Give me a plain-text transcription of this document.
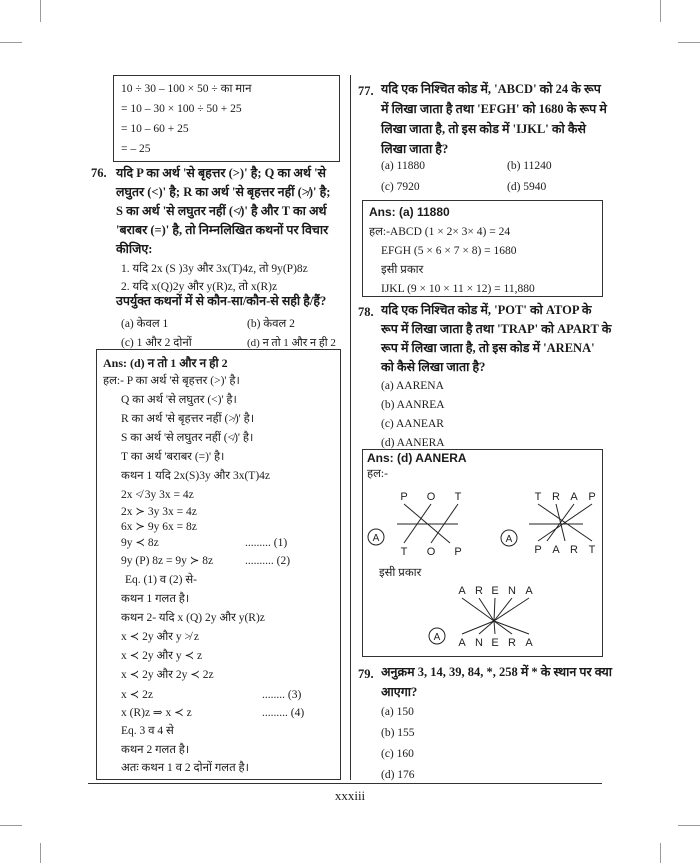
10 ÷ 30 – 100 × 50 ÷ का मान
= 10 – 30 × 100 ÷ 50 + 25
= 10 – 60 + 25
= – 25
76. यदि P का अर्थ 'से बृहत्तर (>)' है; Q का अर्थ 'से
लघुतर (<)' है; R का अर्थ 'से बृहत्तर नहीं (≯)' है;
S का अर्थ 'से लघुतर नहीं (≮)' है और T का अर्थ
'बराबर (=)' है, तो निम्नलिखित कथनों पर विचार
कीजिए:
1. यदि 2x (S )3y और 3x(T)4z, तो 9y(P)8z
2. यदि x(Q)2y और y(R)z, तो x(R)z
उपर्युक्त कथनों में से कौन-सा/कौन-से सही है/हैं?
(a) केवल 1	(b) केवल 2
(c) 1 और 2 दोनों	(d) न तो 1 और न ही 2
Ans: (d) न तो 1 और न ही 2
हल:- P का अर्थ 'से बृहत्तर (>)' है।
Q का अर्थ 'से लघुतर (<)' है।
R का अर्थ 'से बृहत्तर नहीं (≯)' है।
S का अर्थ 'से लघुतर नहीं (≮)' है।
T का अर्थ 'बराबर (=)' है।
कथन 1 यदि 2x(S)3y और 3x(T)4z
2x ≮ 3y 3x = 4z
2x ≻ 3y 3x = 4z
6x ≻ 9y 6x = 8z
9y ≺ 8z	......... (1)
9y (P) 8z = 9y ≻ 8z	.......... (2)
Eq. (1) व (2) से-
कथन 1 गलत है।
कथन 2- यदि x (Q) 2y और y(R)z
x ≺ 2y और y ≯ z
x ≺ 2y और y ≺ z
x ≺ 2y और 2y ≺ 2z
x ≺ 2z	........ (3)
x (R)z ⇒ x ≺ z	......... (4)
Eq. 3 व 4 से
कथन 2 गलत है।
अतः कथन 1 व 2 दोनों गलत है।
77. यदि एक निश्चित कोड में, 'ABCD' को 24 के रूप
में लिखा जाता है तथा 'EFGH' को 1680 के रूप मे
लिखा जाता है, तो इस कोड में 'IJKL' को कैसे
लिखा जाता है?
(a) 11880	(b) 11240
(c) 7920	(d) 5940
Ans: (a) 11880
हल:-ABCD (1 × 2× 3× 4) = 24
EFGH (5 × 6 × 7 × 8) = 1680
इसी प्रकार
IJKL (9 × 10 × 11 × 12) = 11,880
78. यदि एक निश्चित कोड में, 'POT' को ATOP के
रूप में लिखा जाता है तथा 'TRAP' को APART के
रूप में लिखा जाता है, तो इस कोड में 'ARENA'
को कैसे लिखा जाता है?
(a) AARENA
(b) AANREA
(c) AANEAR
(d) AANERA
Ans: (d) AANERA
हल:-
इसी प्रकार
P O T
T O P
A
T R A P
P A R T
A
A R E N A
A N E R A
A
79. अनुक्रम 3, 14, 39, 84, *, 258 में * के स्थान पर क्या
आएगा?
(a) 150
(b) 155
(c) 160
(d) 176
xxxiii
